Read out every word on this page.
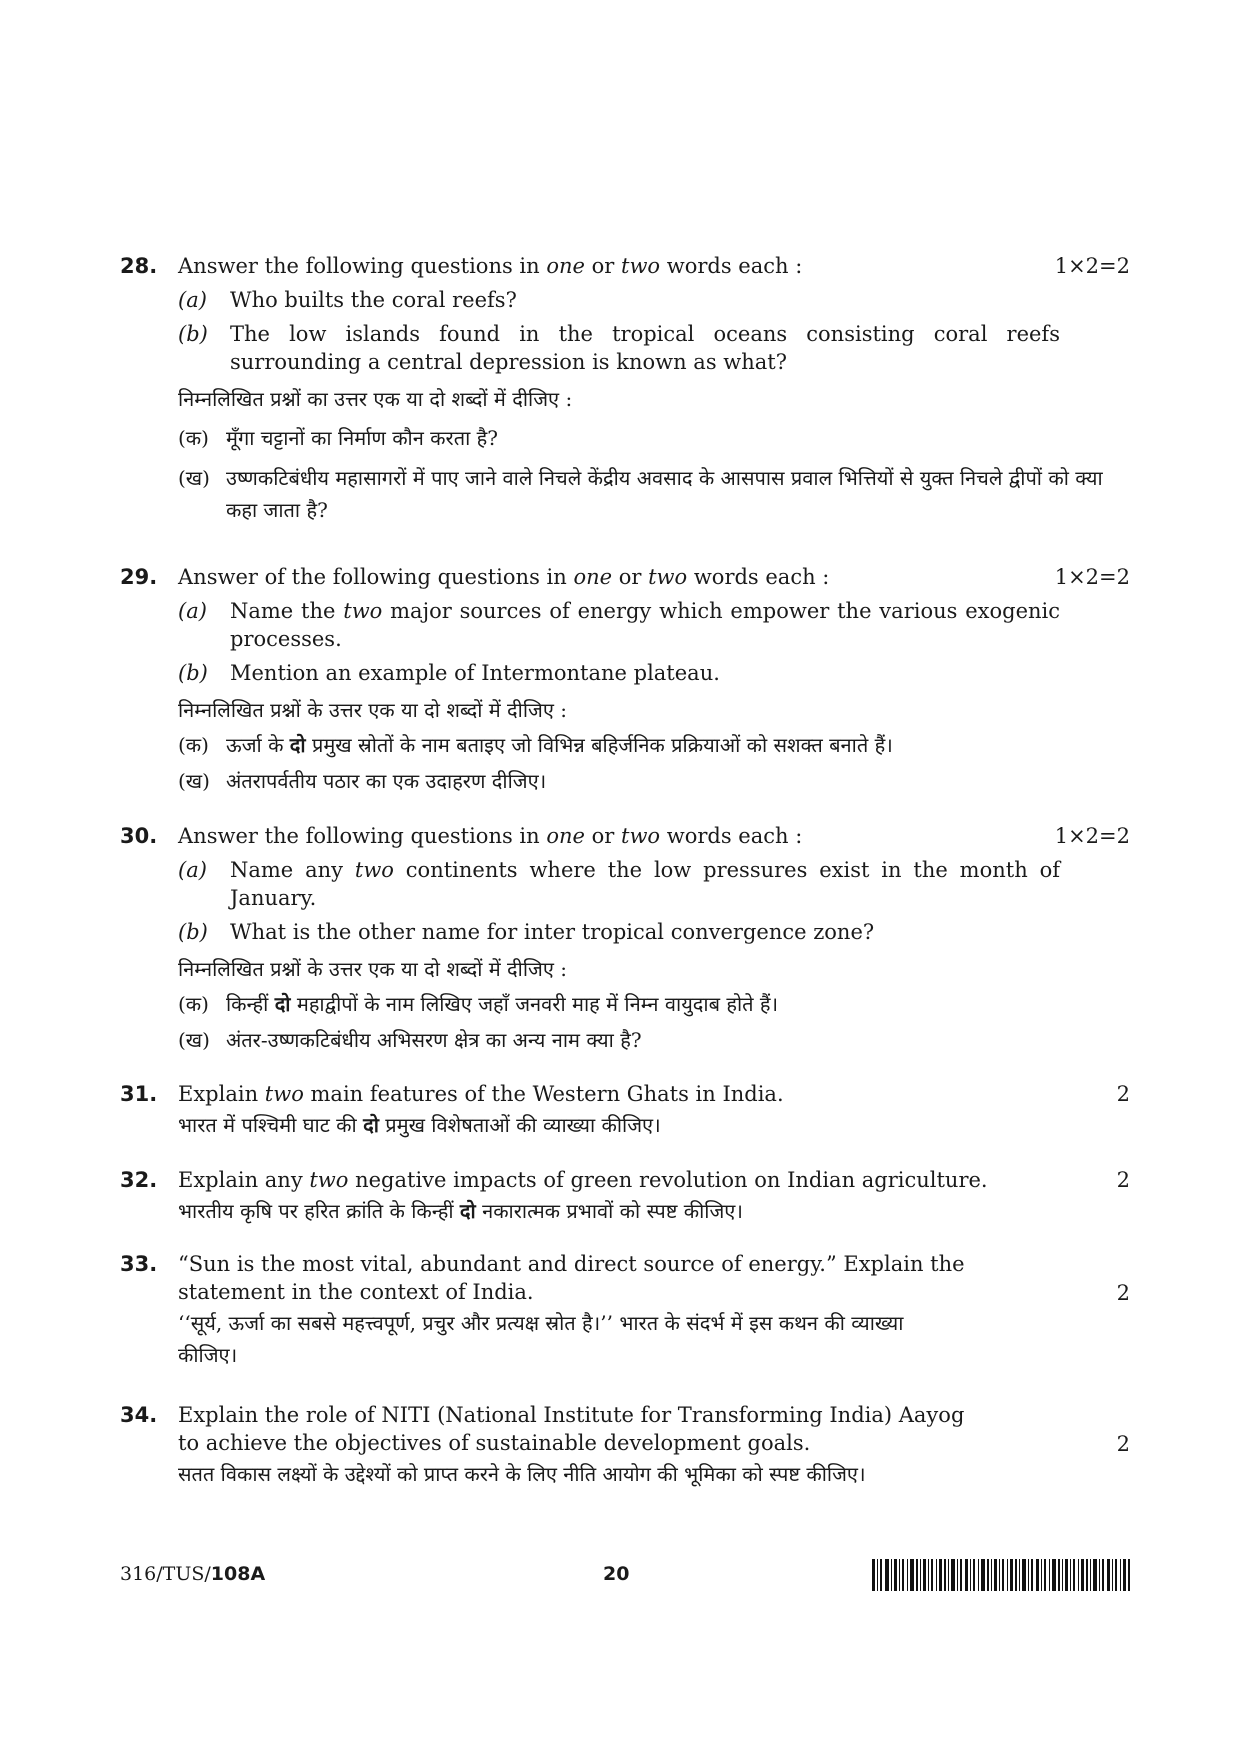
28.	1×2=2
Answer the following questions in one or two words each :
(a) Who builts the coral reefs?
(b) The low islands found in the tropical oceans consisting coral reefs surrounding a central depression is known as what?
निम्नलिखित प्रश्नों का उत्तर एक या दो शब्दों में दीजिए :
(क) मूँगा चट्टानों का निर्माण कौन करता है?
(ख) उष्णकटिबंधीय महासागरों में पाए जाने वाले निचले केंद्रीय अवसाद के आसपास प्रवाल भित्तियों से युक्त निचले द्वीपों को क्या कहा जाता है?
29.	1×2=2
Answer of the following questions in one or two words each :
(a) Name the two major sources of energy which empower the various exogenic processes.
(b) Mention an example of Intermontane plateau.
निम्नलिखित प्रश्नों के उत्तर एक या दो शब्दों में दीजिए :
(क) ऊर्जा के दो प्रमुख स्रोतों के नाम बताइए जो विभिन्न बहिर्जनिक प्रक्रियाओं को सशक्त बनाते हैं।
(ख) अंतरापर्वतीय पठार का एक उदाहरण दीजिए।
30.	1×2=2
Answer the following questions in one or two words each :
(a) Name any two continents where the low pressures exist in the month of January.
(b) What is the other name for inter tropical convergence zone?
निम्नलिखित प्रश्नों के उत्तर एक या दो शब्दों में दीजिए :
(क) किन्हीं दो महाद्वीपों के नाम लिखिए जहाँ जनवरी माह में निम्न वायुदाब होते हैं।
(ख) अंतर-उष्णकटिबंधीय अभिसरण क्षेत्र का अन्य नाम क्या है?
31.	2
Explain two main features of the Western Ghats in India.
भारत में पश्चिमी घाट की दो प्रमुख विशेषताओं की व्याख्या कीजिए।
32.	2
Explain any two negative impacts of green revolution on Indian agriculture.
भारतीय कृषि पर हरित क्रांति के किन्हीं दो नकारात्मक प्रभावों को स्पष्ट कीजिए।
33.
2
“Sun is the most vital, abundant and direct source of energy.” Explain the
statement in the context of India.
‘‘सूर्य, ऊर्जा का सबसे महत्त्वपूर्ण, प्रचुर और प्रत्यक्ष स्रोत है।’’ भारत के संदर्भ में इस कथन की व्याख्या
कीजिए।
34.
2
Explain the role of NITI (National Institute for Transforming India) Aayog
to achieve the objectives of sustainable development goals.
सतत विकास लक्ष्यों के उद्देश्यों को प्राप्त करने के लिए नीति आयोग की भूमिका को स्पष्ट कीजिए।
316/TUS/108A	20
